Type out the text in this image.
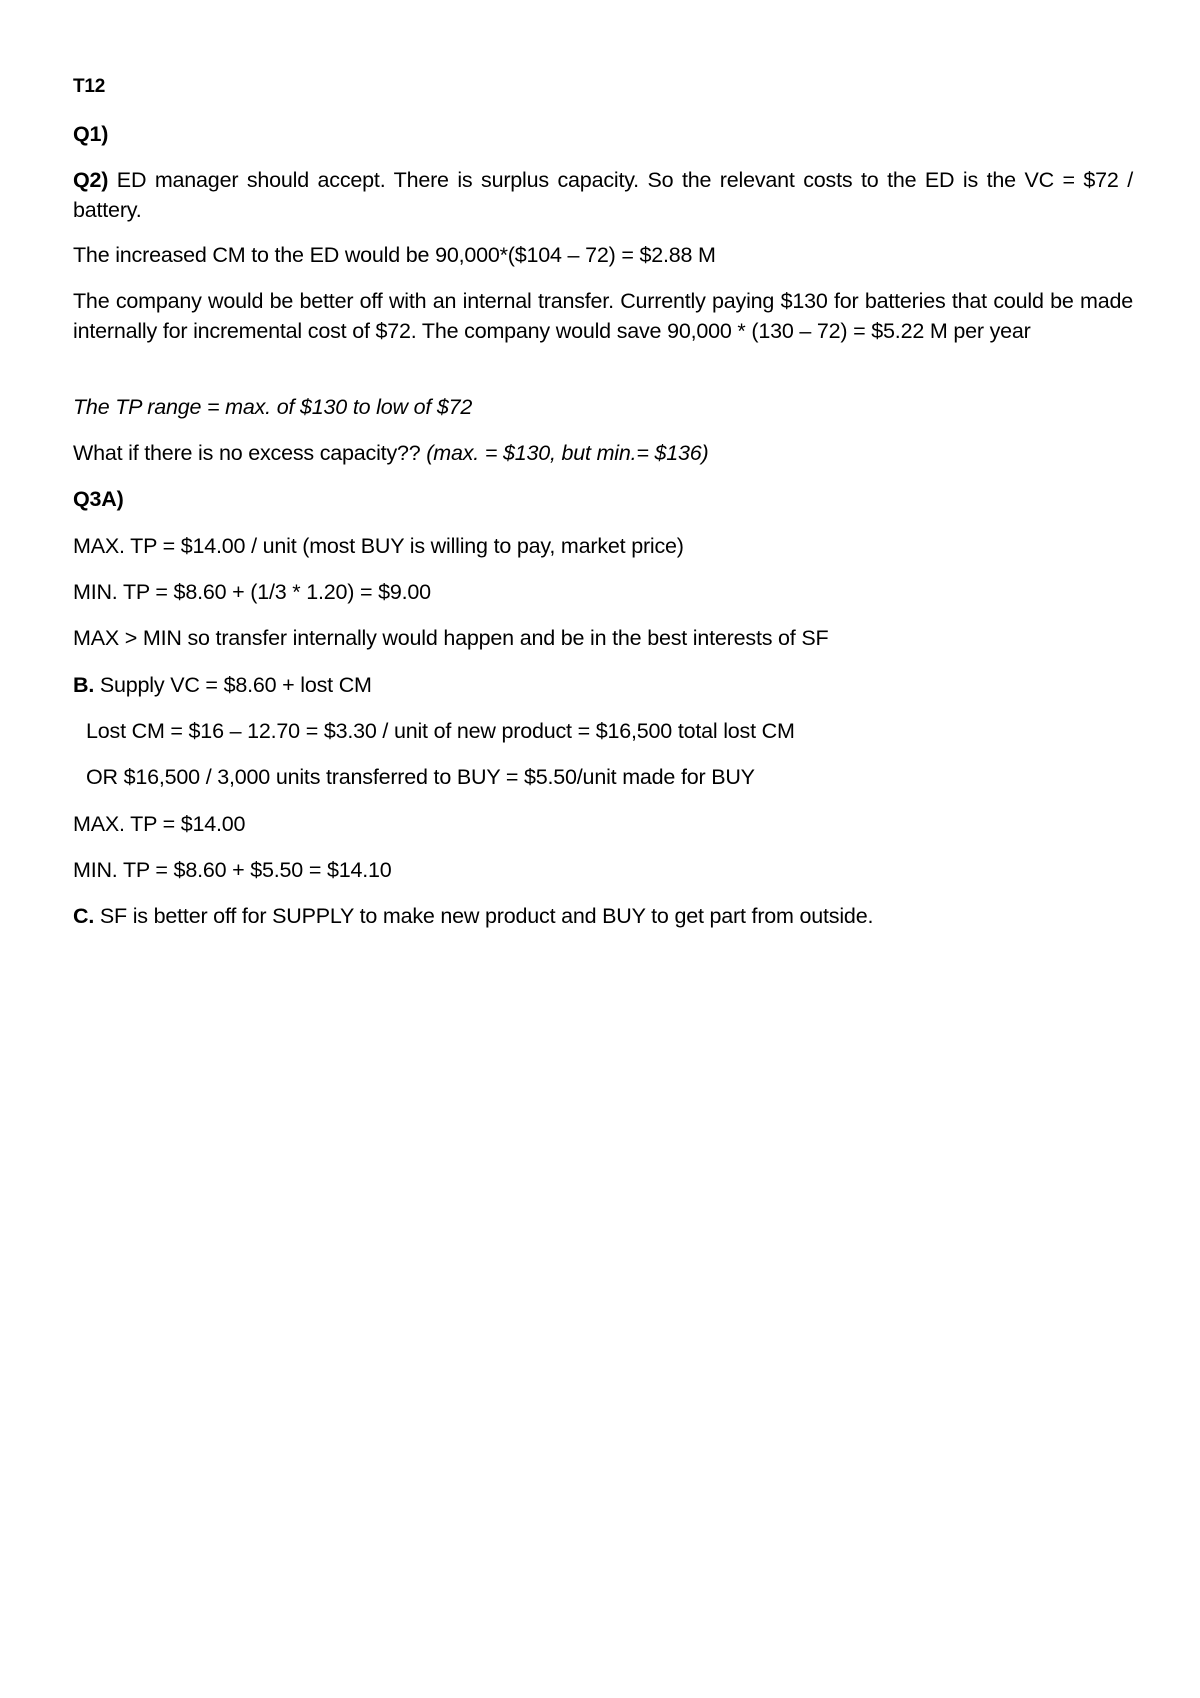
T12
Q1)
Q2) ED manager should accept. There is surplus capacity. So the relevant costs to the ED is the VC = $72 / battery.
The increased CM to the ED would be 90,000*($104 – 72) = $2.88 M
The company would be better off with an internal transfer. Currently paying $130 for batteries that could be made internally for incremental cost of $72. The company would save 90,000 * (130 – 72) = $5.22 M per year
The TP range = max. of $130 to low of $72
What if there is no excess capacity?? (max. = $130, but min.= $136)
Q3A)
MAX. TP = $14.00 / unit (most BUY is willing to pay, market price)
MIN. TP = $8.60 + (1/3 * 1.20) = $9.00
MAX > MIN so transfer internally would happen and be in the best interests of SF
B. Supply VC = $8.60 + lost CM
Lost CM = $16 – 12.70 = $3.30 / unit of new product = $16,500 total lost CM
OR $16,500 / 3,000 units transferred to BUY = $5.50/unit made for BUY
MAX. TP = $14.00
MIN. TP = $8.60 + $5.50 = $14.10
C. SF is better off for SUPPLY to make new product and BUY to get part from outside.
